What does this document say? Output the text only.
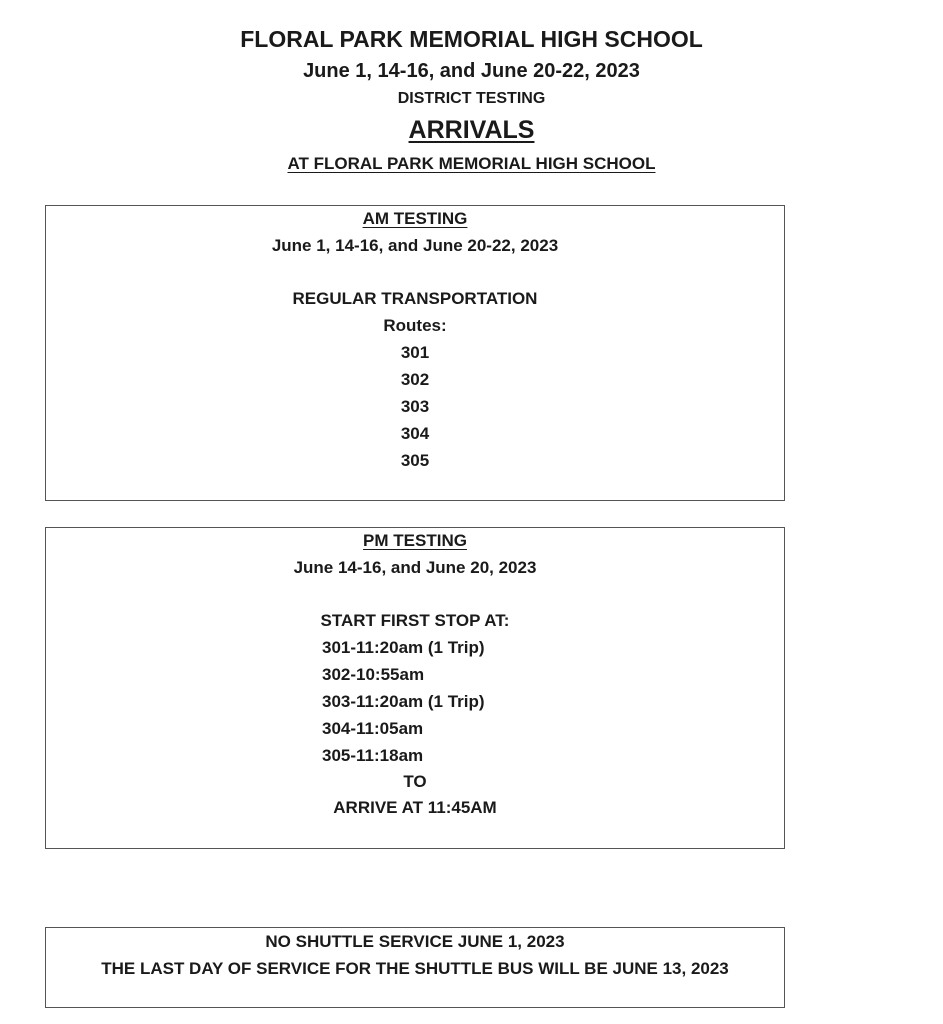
FLORAL PARK MEMORIAL HIGH SCHOOL
June 1, 14-16, and June 20-22, 2023
DISTRICT TESTING
ARRIVALS
AT FLORAL PARK MEMORIAL HIGH SCHOOL
AM TESTING
June 1, 14-16, and June 20-22, 2023
REGULAR TRANSPORTATION
Routes:
301
302
303
304
305
PM TESTING
June 14-16, and June 20, 2023
START FIRST STOP AT:
301-11:20am (1 Trip)
302-10:55am
303-11:20am (1 Trip)
304-11:05am
305-11:18am
TO
ARRIVE AT 11:45AM
NO SHUTTLE SERVICE JUNE 1, 2023
THE LAST DAY OF SERVICE FOR THE SHUTTLE BUS WILL BE JUNE 13, 2023
